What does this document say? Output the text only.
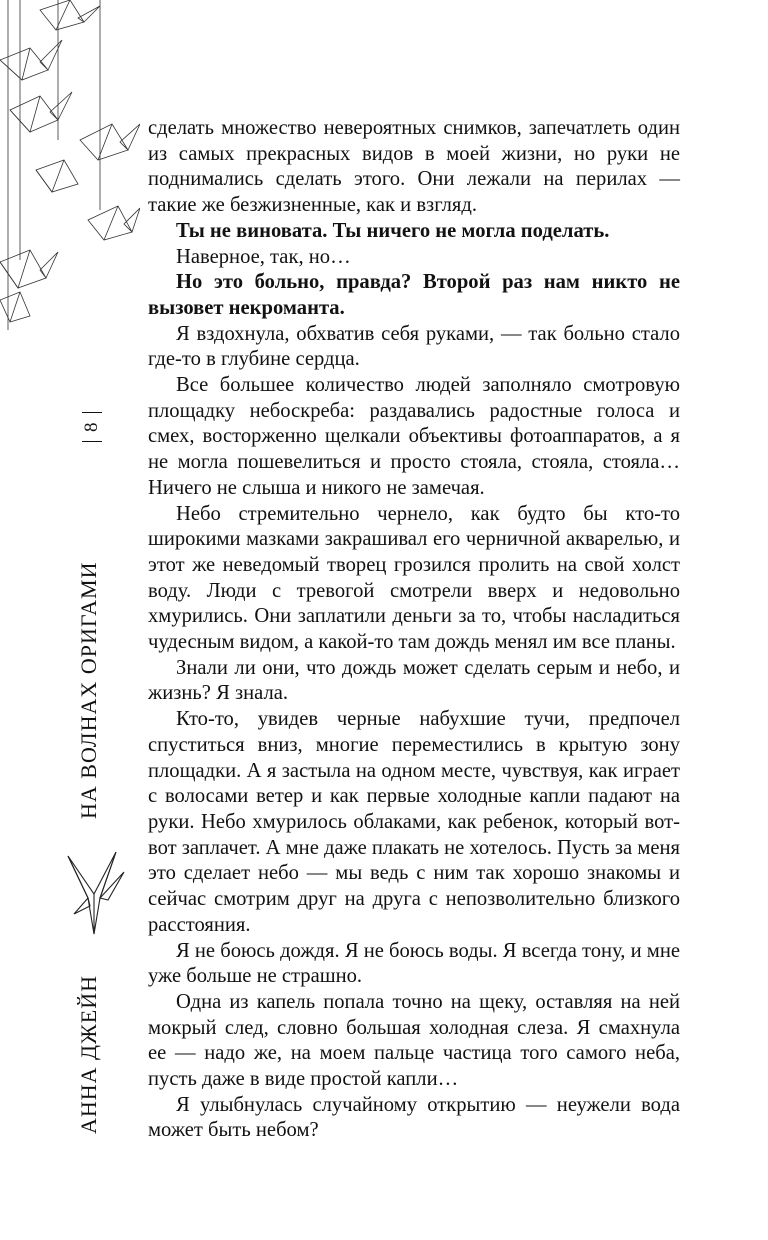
8
НА ВОЛНАХ ОРИГАМИ
АННА ДЖЕЙН

сделать множество невероятных снимков, запечатлеть один из самых прекрасных видов в моей жизни, но руки не поднимались сделать этого. Они лежали на перилах — такие же безжизненные, как и взгляд.

Ты не виновата. Ты ничего не могла поделать.

Наверное, так, но…

Но это больно, правда? Второй раз нам никто не вызовет некроманта.

Я вздохнула, обхватив себя руками, — так больно стало где-то в глубине сердца.

Все большее количество людей заполняло смотровую площадку небоскреба: раздавались радостные голоса и смех, восторженно щелкали объективы фотоаппаратов, а я не могла пошевелиться и просто стояла, стояла, стояла… Ничего не слыша и никого не замечая.

Небо стремительно чернело, как будто бы кто-то широкими мазками закрашивал его черничной акварелью, и этот же неведомый творец грозился пролить на свой холст воду. Люди с тревогой смотрели вверх и недовольно хмурились. Они заплатили деньги за то, чтобы насладиться чудесным видом, а какой-то там дождь менял им все планы.

Знали ли они, что дождь может сделать серым и небо, и жизнь? Я знала.

Кто-то, увидев черные набухшие тучи, предпочел спуститься вниз, многие переместились в крытую зону площадки. А я застыла на одном месте, чувствуя, как играет с волосами ветер и как первые холодные капли падают на руки. Небо хмурилось облаками, как ребенок, который вот-вот заплачет. А мне даже плакать не хотелось. Пусть за меня это сделает небо — мы ведь с ним так хорошо знакомы и сейчас смотрим друг на друга с непозволительно близкого расстояния.

Я не боюсь дождя. Я не боюсь воды. Я всегда тону, и мне уже больше не страшно.

Одна из капель попала точно на щеку, оставляя на ней мокрый след, словно большая холодная слеза. Я смахнула ее — надо же, на моем пальце частица того самого неба, пусть даже в виде простой капли…

Я улыбнулась случайному открытию — неужели вода может быть небом?
